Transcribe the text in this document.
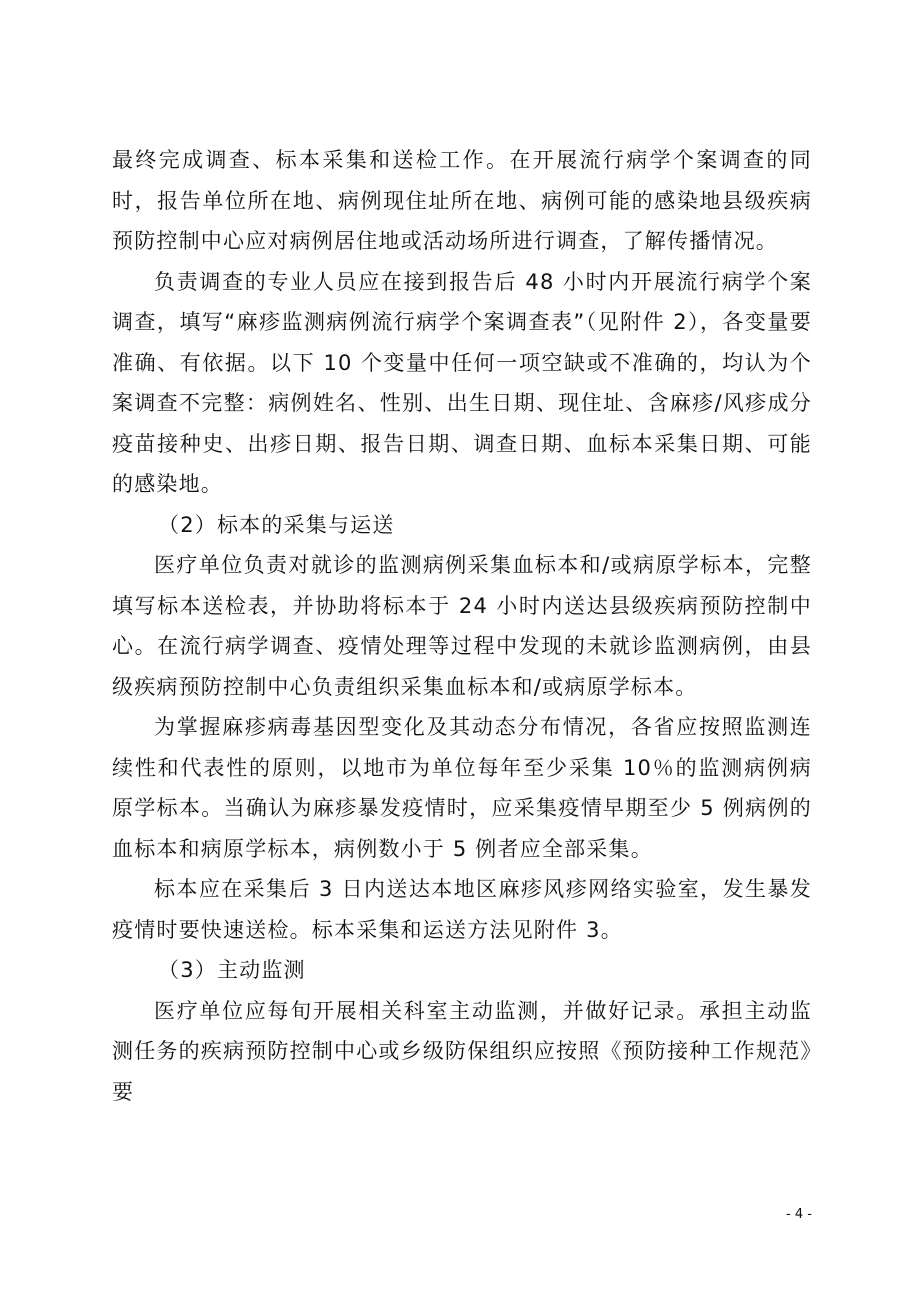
最终完成调查、标本采集和送检工作。在开展流行病学个案调查的同时，报告单位所在地、病例现住址所在地、病例可能的感染地县级疾病预防控制中心应对病例居住地或活动场所进行调查，了解传播情况。

负责调查的专业人员应在接到报告后 48 小时内开展流行病学个案调查，填写“麻疹监测病例流行病学个案调查表”（见附件 2），各变量要准确、有依据。以下 10 个变量中任何一项空缺或不准确的，均认为个案调查不完整：病例姓名、性别、出生日期、现住址、含麻疹/风疹成分疫苗接种史、出疹日期、报告日期、调查日期、血标本采集日期、可能的感染地。

（2）标本的采集与运送

医疗单位负责对就诊的监测病例采集血标本和/或病原学标本，完整填写标本送检表，并协助将标本于 24 小时内送达县级疾病预防控制中心。在流行病学调查、疫情处理等过程中发现的未就诊监测病例，由县级疾病预防控制中心负责组织采集血标本和/或病原学标本。

为掌握麻疹病毒基因型变化及其动态分布情况，各省应按照监测连续性和代表性的原则，以地市为单位每年至少采集 10％的监测病例病原学标本。当确认为麻疹暴发疫情时，应采集疫情早期至少 5 例病例的血标本和病原学标本，病例数小于 5 例者应全部采集。

标本应在采集后 3 日内送达本地区麻疹风疹网络实验室，发生暴发疫情时要快速送检。标本采集和运送方法见附件 3。

（3）主动监测

医疗单位应每旬开展相关科室主动监测，并做好记录。承担主动监测任务的疾病预防控制中心或乡级防保组织应按照《预防接种工作规范》要

- 4 -
